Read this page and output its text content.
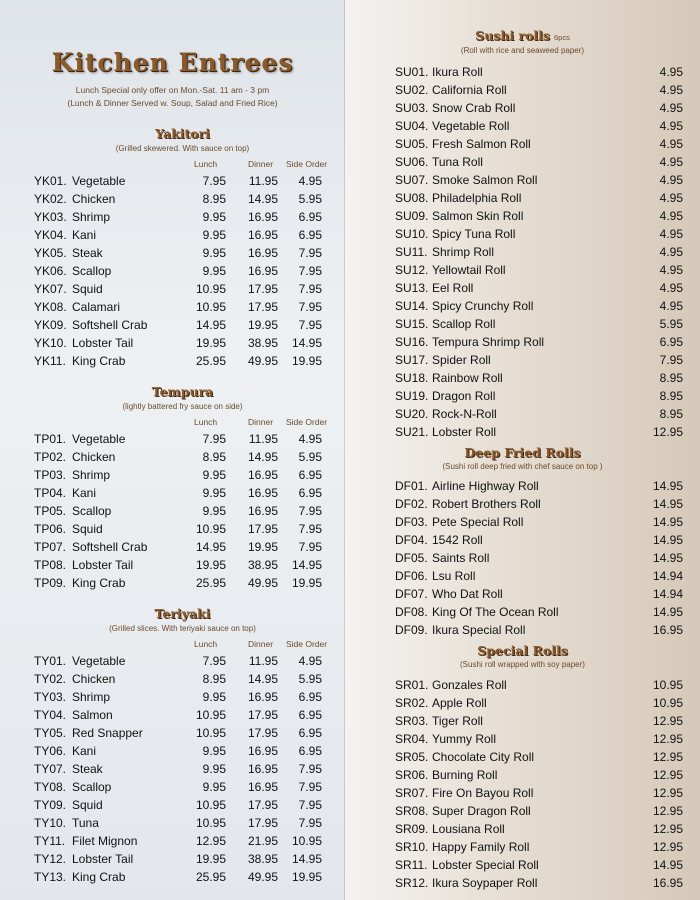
Kitchen Entrees
Lunch Special only offer on Mon.-Sat. 11 am - 3 pm
(Lunch & Dinner Served w. Soup, Salad and Fried Rice)
Yakitori
(Grilled skewered. With sauce on top)
Lunch	Dinner Side Order
YK01. Vegetable	7.95	11.95	4.95
YK02. Chicken	8.95	14.95	5.95
YK03. Shrimp	9.95	16.95	6.95
YK04. Kani	9.95	16.95	6.95
YK05. Steak	9.95	16.95	7.95
YK06. Scallop	9.95	16.95	7.95
YK07. Squid	10.95	17.95	7.95
YK08. Calamari	10.95	17.95	7.95
YK09. Softshell Crab	14.95	19.95	7.95
YK10. Lobster Tail	19.95	38.95	14.95
YK11. King Crab	25.95	49.95	19.95
Tempura
(lightly battered fry sauce on side)
Lunch	Dinner Side Order
TP01. Vegetable	7.95	11.95	4.95
TP02. Chicken	8.95	14.95	5.95
TP03. Shrimp	9.95	16.95	6.95
TP04. Kani	9.95	16.95	6.95
TP05. Scallop	9.95	16.95	7.95
TP06. Squid	10.95	17.95	7.95
TP07. Softshell Crab	14.95	19.95	7.95
TP08. Lobster Tail	19.95	38.95	14.95
TP09. King Crab	25.95	49.95	19.95
Teriyaki
(Grilled slices. With teriyaki sauce on top)
Lunch	Dinner Side Order
TY01. Vegetable	7.95	11.95	4.95
TY02. Chicken	8.95	14.95	5.95
TY03. Shrimp	9.95	16.95	6.95
TY04. Salmon	10.95	17.95	6.95
TY05. Red Snapper	10.95	17.95	6.95
TY06. Kani	9.95	16.95	6.95
TY07. Steak	9.95	16.95	7.95
TY08. Scallop	9.95	16.95	7.95
TY09. Squid	10.95	17.95	7.95
TY10. Tuna	10.95	17.95	7.95
TY11. Filet Mignon	12.95	21.95	10.95
TY12. Lobster Tail	19.95	38.95	14.95
TY13. King Crab	25.95	49.95	19.95
Sushi rolls 6pcs
(Roll with rice and seaweed paper)
SU01. Ikura Roll	4.95
SU02. California Roll	4.95
SU03. Snow Crab Roll	4.95
SU04. Vegetable Roll	4.95
SU05. Fresh Salmon Roll	4.95
SU06. Tuna Roll	4.95
SU07. Smoke Salmon Roll	4.95
SU08. Philadelphia Roll	4.95
SU09. Salmon Skin Roll	4.95
SU10. Spicy Tuna Roll	4.95
SU11. Shrimp Roll	4.95
SU12. Yellowtail Roll	4.95
SU13. Eel Roll	4.95
SU14. Spicy Crunchy Roll	4.95
SU15. Scallop Roll	5.95
SU16. Tempura Shrimp Roll	6.95
SU17. Spider Roll	7.95
SU18. Rainbow Roll	8.95
SU19. Dragon Roll	8.95
SU20. Rock-N-Roll	8.95
SU21. Lobster Roll	12.95
Deep Fried Rolls
(Sushi roll deep fried with chef sauce on top )
DF01. Airline Highway Roll	14.95
DF02. Robert Brothers Roll	14.95
DF03. Pete Special Roll	14.95
DF04. 1542 Roll	14.95
DF05. Saints Roll	14.95
DF06. Lsu Roll	14.94
DF07. Who Dat Roll	14.94
DF08. King Of The Ocean Roll	14.95
DF09. Ikura Special Roll	16.95
Special Rolls
(Sushi roll wrapped with soy paper)
SR01. Gonzales Roll	10.95
SR02. Apple Roll	10.95
SR03. Tiger Roll	12.95
SR04. Yummy Roll	12.95
SR05. Chocolate City Roll	12.95
SR06. Burning Roll	12.95
SR07. Fire On Bayou Roll	12.95
SR08. Super Dragon Roll	12.95
SR09. Lousiana Roll	12.95
SR10. Happy Family Roll	12.95
SR11. Lobster Special Roll	14.95
SR12. Ikura Soypaper Roll	16.95
